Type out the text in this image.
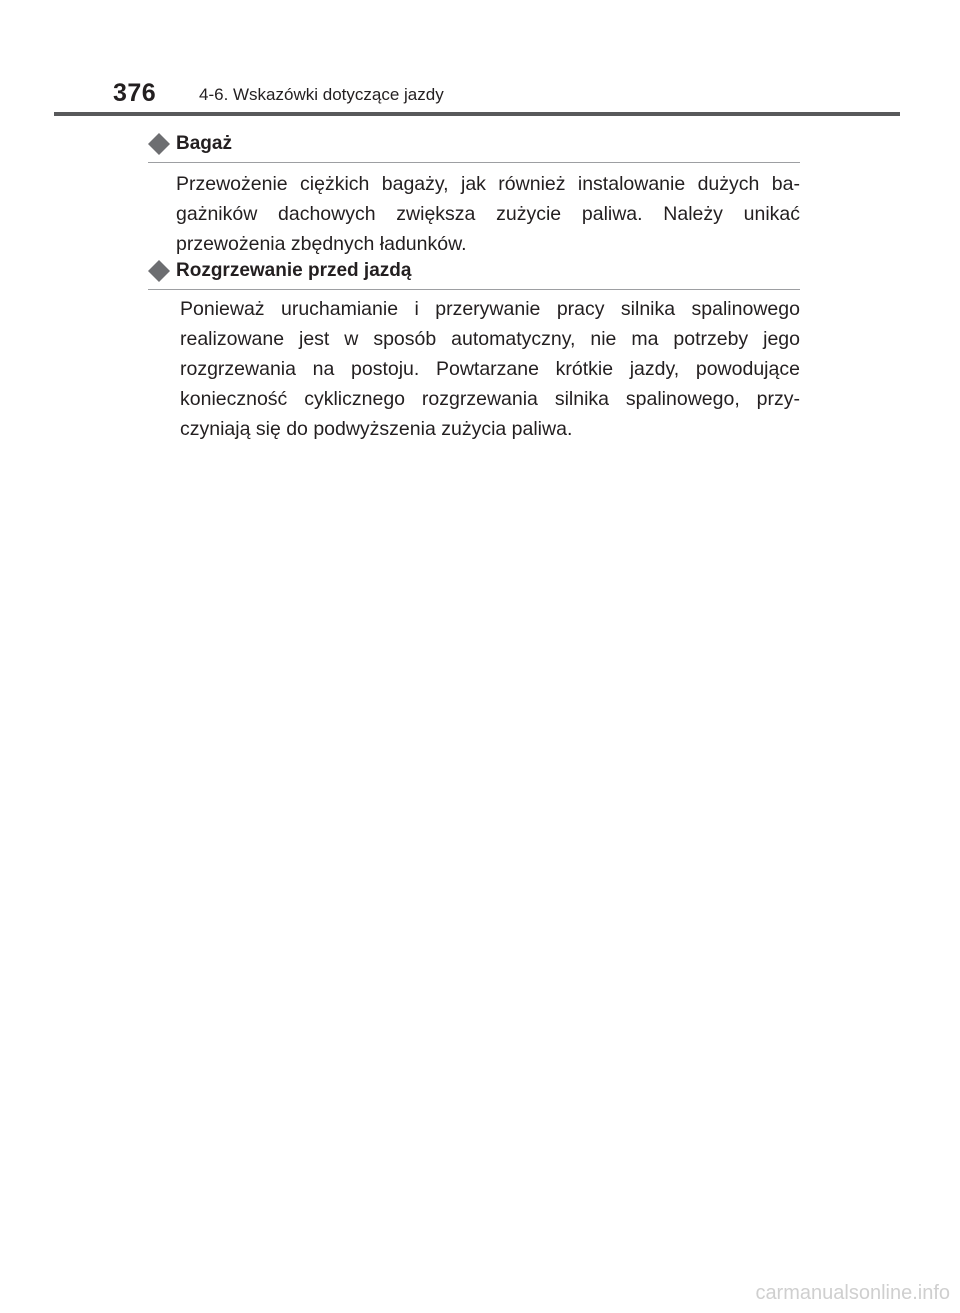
376	4-6. Wskazówki dotyczące jazdy
Bagaż
Przewożenie ciężkich bagaży, jak również instalowanie dużych ba-
gażników dachowych zwiększa zużycie paliwa. Należy unikać
przewożenia zbędnych ładunków.
Rozgrzewanie przed jazdą
Ponieważ uruchamianie i przerywanie pracy silnika spalinowego
realizowane jest w sposób automatyczny, nie ma potrzeby jego
rozgrzewania na postoju. Powtarzane krótkie jazdy, powodujące
konieczność cyklicznego rozgrzewania silnika spalinowego, przy-
czyniają się do podwyższenia zużycia paliwa.
carmanualsonline.info
